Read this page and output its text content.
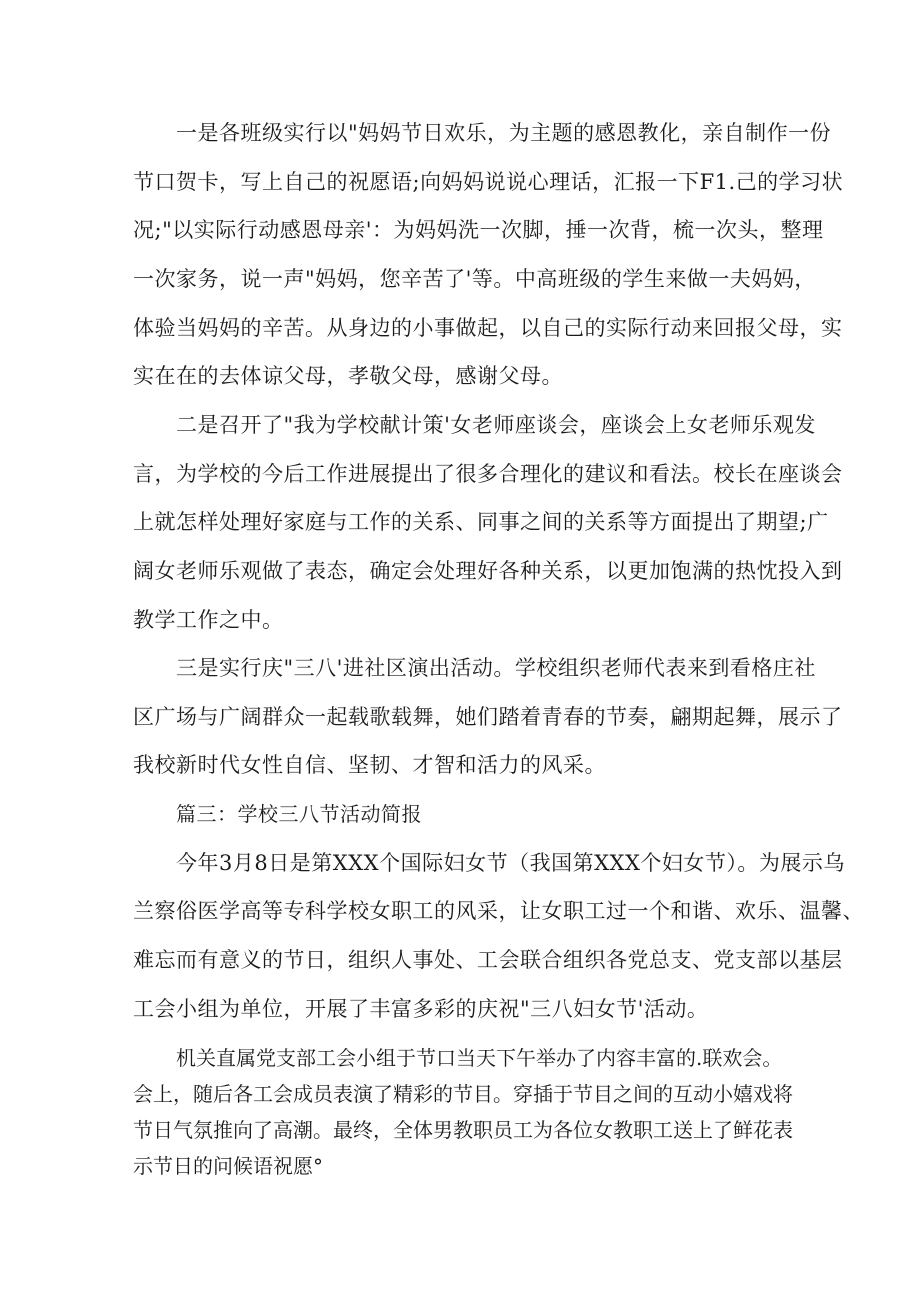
一是各班级实行以"妈妈节日欢乐，为主题的感恩教化，亲自制作一份

节口贺卡，写上自己的祝愿语;向妈妈说说心理话，汇报一下F1.己的学习状

况;"以实际行动感恩母亲'：为妈妈洗一次脚，捶一次背，梳一次头，整理

一次家务，说一声"妈妈，您辛苦了'等。中高班级的学生来做一夫妈妈，

体验当妈妈的辛苦。从身边的小事做起，以自己的实际行动来回报父母，实

实在在的去体谅父母，孝敬父母，感谢父母。

二是召开了"我为学校献计策'女老师座谈会，座谈会上女老师乐观发

言，为学校的今后工作进展提出了很多合理化的建议和看法。校长在座谈会

上就怎样处理好家庭与工作的关系、同事之间的关系等方面提出了期望;广

阔女老师乐观做了表态，确定会处理好各种关系，以更加饱满的热忱投入到

教学工作之中。

三是实行庆"三八'进社区演出活动。学校组织老师代表来到看格庄社

区广场与广阔群众一起载歌载舞，她们踏着青春的节奏，翩期起舞，展示了

我校新时代女性自信、坚韧、才智和活力的风采。

篇三：学校三八节活动简报

今年3月8日是第XXX个国际妇女节（我国第XXX个妇女节）。为展示乌

兰察俗医学高等专科学校女职工的风采，让女职工过一个和谐、欢乐、温馨、

难忘而有意义的节日，组织人事处、工会联合组织各党总支、党支部以基层

工会小组为单位，开展了丰富多彩的庆祝"三八妇女节'活动。

机关直属党支部工会小组于节口当天下午举办了内容丰富的.联欢会。

会上，随后各工会成员表演了精彩的节目。穿插于节目之间的互动小嬉戏将

节日气氛推向了高潮。最终，全体男教职员工为各位女教职工送上了鲜花表

示节日的问候语祝愿°
